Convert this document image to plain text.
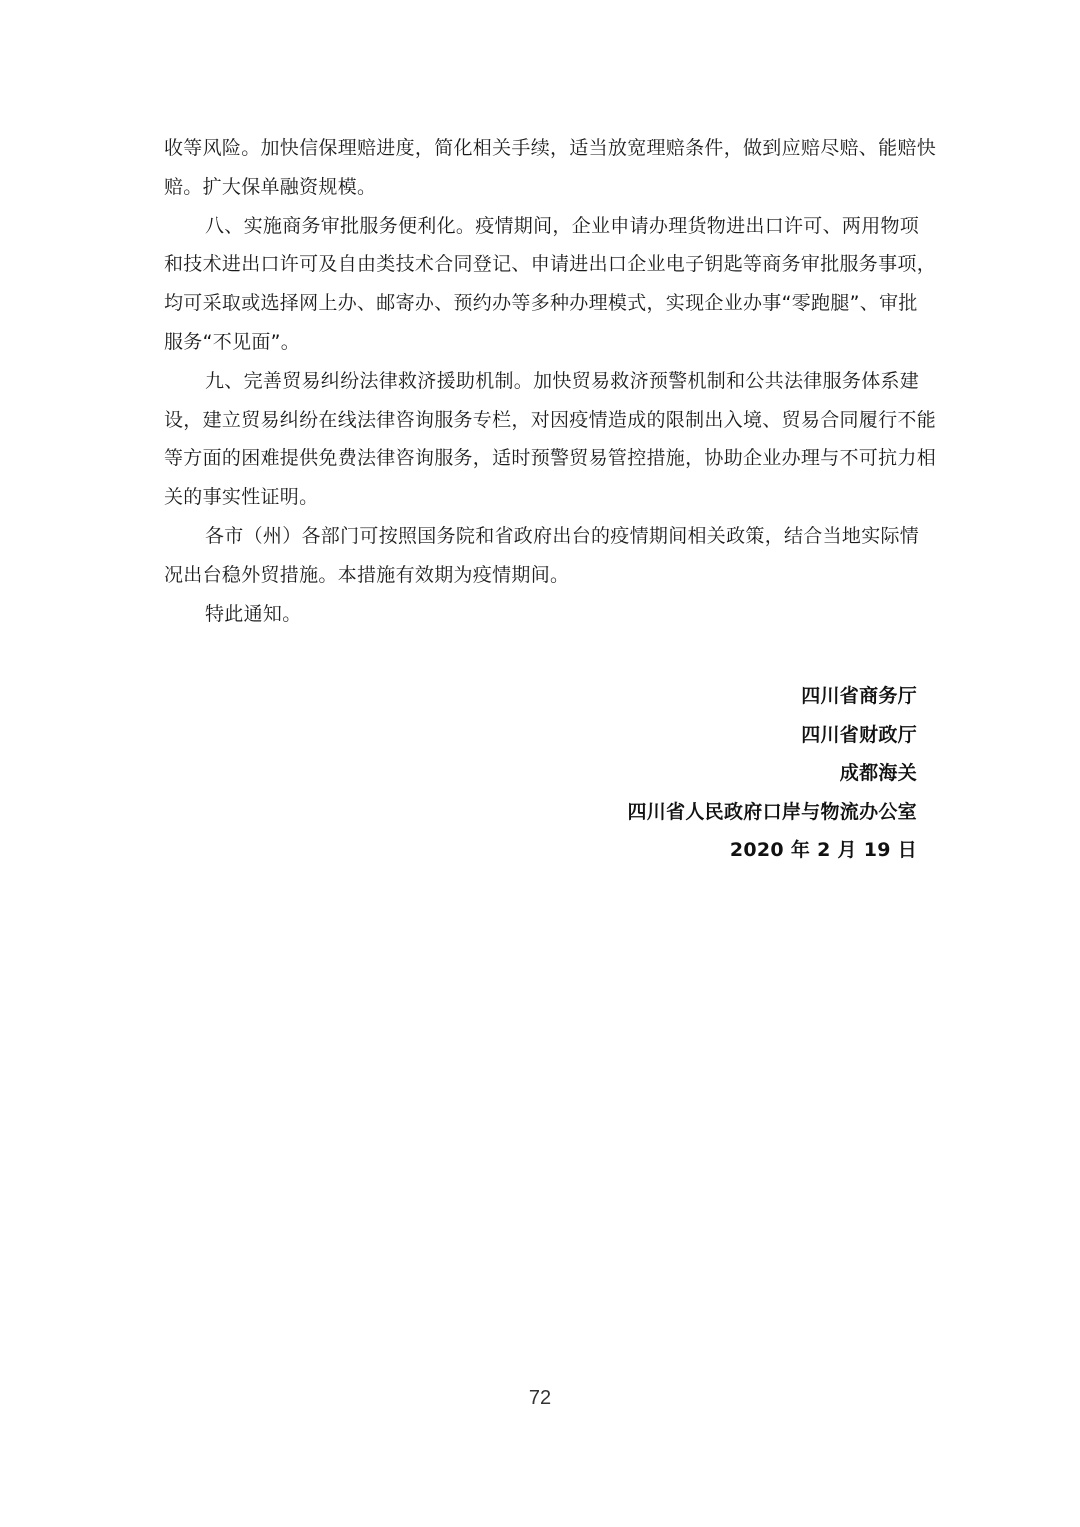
收等风险。加快信保理赔进度，简化相关手续，适当放宽理赔条件，做到应赔尽赔、能赔快
赔。扩大保单融资规模。

八、实施商务审批服务便利化。疫情期间，企业申请办理货物进出口许可、两用物项
和技术进出口许可及自由类技术合同登记、申请进出口企业电子钥匙等商务审批服务事项，
均可采取或选择网上办、邮寄办、预约办等多种办理模式，实现企业办事“零跑腿”、审批
服务“不见面”。

九、完善贸易纠纷法律救济援助机制。加快贸易救济预警机制和公共法律服务体系建
设，建立贸易纠纷在线法律咨询服务专栏，对因疫情造成的限制出入境、贸易合同履行不能
等方面的困难提供免费法律咨询服务，适时预警贸易管控措施，协助企业办理与不可抗力相
关的事实性证明。

各市（州）各部门可按照国务院和省政府出台的疫情期间相关政策，结合当地实际情
况出台稳外贸措施。本措施有效期为疫情期间。

特此通知。

四川省商务厅
四川省财政厅
成都海关
四川省人民政府口岸与物流办公室
2020 年 2 月 19 日
72
